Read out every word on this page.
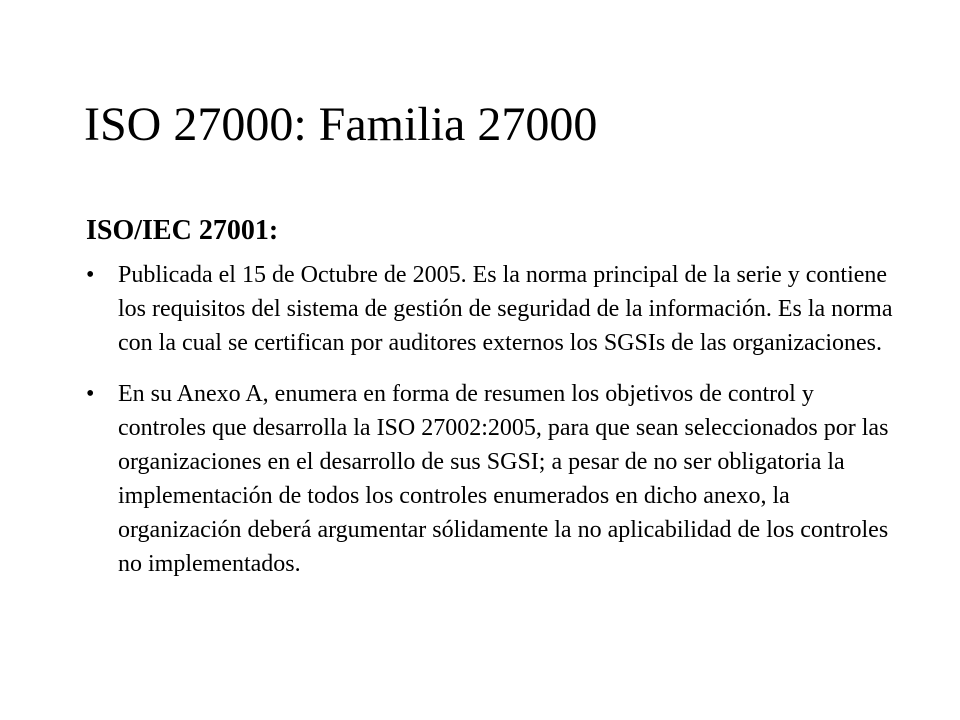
ISO 27000: Familia 27000
ISO/IEC 27001:
• Publicada el 15 de Octubre de 2005. Es la norma principal de la serie y contiene los requisitos del sistema de gestión de seguridad de la información. Es la norma con la cual se certifican por auditores externos los SGSIs de las organizaciones.
• En su Anexo A, enumera en forma de resumen los objetivos de control y controles que desarrolla la ISO 27002:2005, para que sean seleccionados por las organizaciones en el desarrollo de sus SGSI; a pesar de no ser obligatoria la implementación de todos los controles enumerados en dicho anexo, la organización deberá argumentar sólidamente la no aplicabilidad de los controles no implementados.
